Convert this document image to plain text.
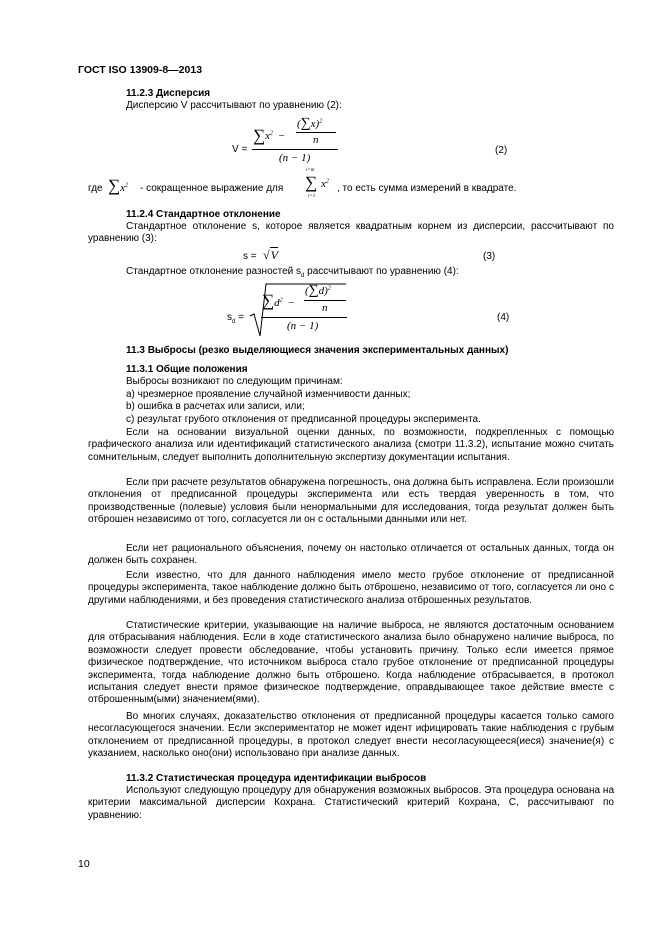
ГОСТ ISO 13909-8—2013
11.2.3 Дисперсия
Дисперсию V рассчитывают по уравнению (2):
V =
$\sum x^2$ −
$(\sum x)^2$
n
(n − 1)
(2)
где $\sum x^2$ - сокращенное выражение для
i=m
∑
i=1
$x^2$
, то есть сумма измерений в квадрате.
11.2.4 Стандартное отклонение
Стандартное отклонение s, которое является квадратным корнем из дисперсии, рассчитывают по уравнению (3):
s = √V	(3)
Стандартное отклонение разностей $s_d$ рассчитывают по уравнению (4):
$s_d$ =
$\sum d^2$ −
$(\sum d)^2$
n
(n − 1)
(4)
11.3 Выбросы (резко выделяющиеся значения экспериментальных данных)
11.3.1 Общие положения
Выбросы возникают по следующим причинам:
а) чрезмерное проявление случайной изменчивости данных;
b) ошибка в расчетах или записи, или;
с) результат грубого отклонения от предписанной процедуры эксперимента.
Если на основании визуальной оценки данных, по возможности, подкрепленных с помощью графического анализа или идентификаций статистического анализа (смотри 11.3.2), испытание можно считать сомнительным, следует выполнить дополнительную экспертизу документации испытания.
Если при расчете результатов обнаружена погрешность, она должна быть исправлена. Если произошли отклонения от предписанной процедуры эксперимента или есть твердая уверенность в том, что производственные (полевые) условия были ненормальными для исследования, тогда результат должен быть отброшен независимо от того, согласуется ли он с остальными данными или нет.
Если нет рационального объяснения, почему он настолько отличается от остальных данных, тогда он должен быть сохранен.
Если известно, что для данного наблюдения имело место грубое отклонение от предписанной процедуры эксперимента, такое наблюдение должно быть отброшено, независимо от того, согласуется ли оно с другими наблюдениями, и без проведения статистического анализа отброшенных результатов.
Статистические критерии, указывающие на наличие выброса, не являются достаточным основанием для отбрасывания наблюдения. Если в ходе статистического анализа было обнаружено наличие выброса, по возможности следует провести обследование, чтобы установить причину. Только если имеется прямое физическое подтверждение, что источником выброса стало грубое отклонение от предписанной процедуры эксперимента, тогда наблюдение должно быть отброшено. Когда наблюдение отбрасывается, в протокол испытания следует внести прямое физическое подтверждение, оправдывающее такое действие вместе с отброшенным(ыми) значением(ями).
Во многих случаях, доказательство отклонения от предписанной процедуры касается только самого несогласующегося значении. Если экспериментатор не может идент ифицировать такие наблюдения с грубым отклонением от предписанной процедуры, в протокол следует внести несогласующееся(иеся) значение(я) с указанием, насколько оно(они) использовано при анализе данных.
11.3.2 Статистическая процедура идентификации выбросов
Используют следующую процедуру для обнаружения возможных выбросов. Эта процедура основана на критерии максимальной дисперсии Кохрана. Статистический критерий Кохрана, C, рассчитывают по уравнению:
10
